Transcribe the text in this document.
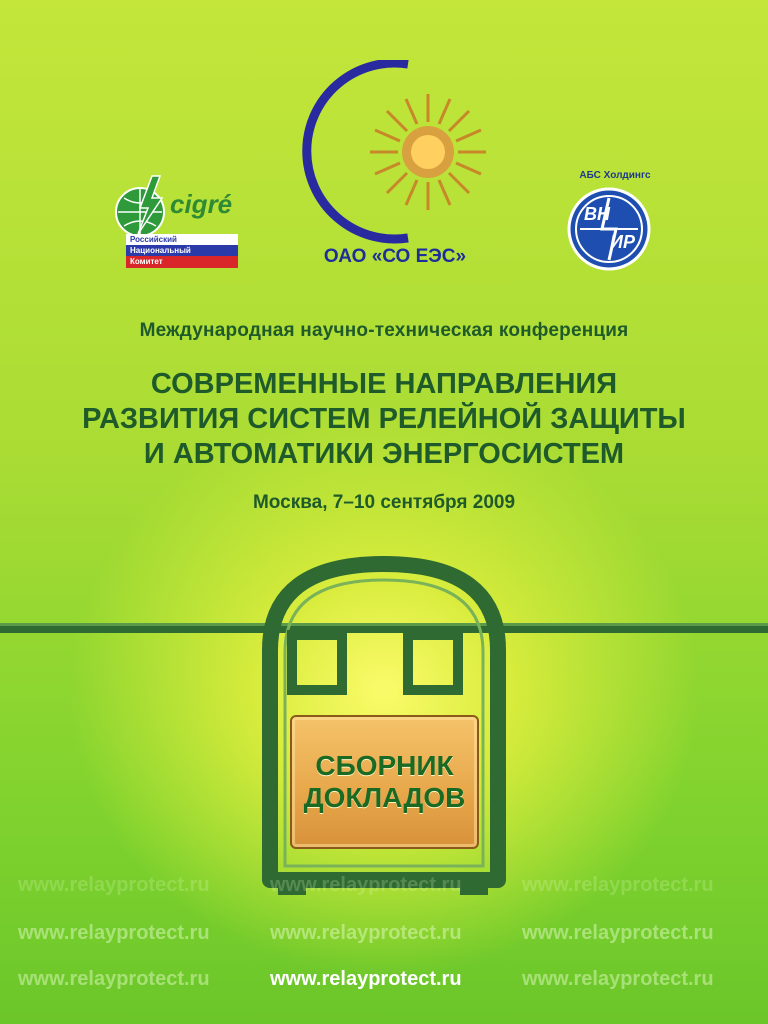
cigré
Российский
Национальный
Комитет	ОАО «СО ЕЭС»
АБС Холдингс
ВН
ИР
Международная научно-техническая конференция
СОВРЕМЕННЫЕ НАПРАВЛЕНИЯ
РАЗВИТИЯ СИСТЕМ РЕЛЕЙНОЙ ЗАЩИТЫ
И АВТОМАТИКИ ЭНЕРГОСИСТЕМ
Москва, 7–10 сентября 2009
СБОРНИК
ДОКЛАДОВ
www.relayprotect.ru	www.relayprotect.ru	www.relayprotect.ru
www.relayprotect.ru	www.relayprotect.ru	www.relayprotect.ru
www.relayprotect.ru	www.relayprotect.ru	www.relayprotect.ru
